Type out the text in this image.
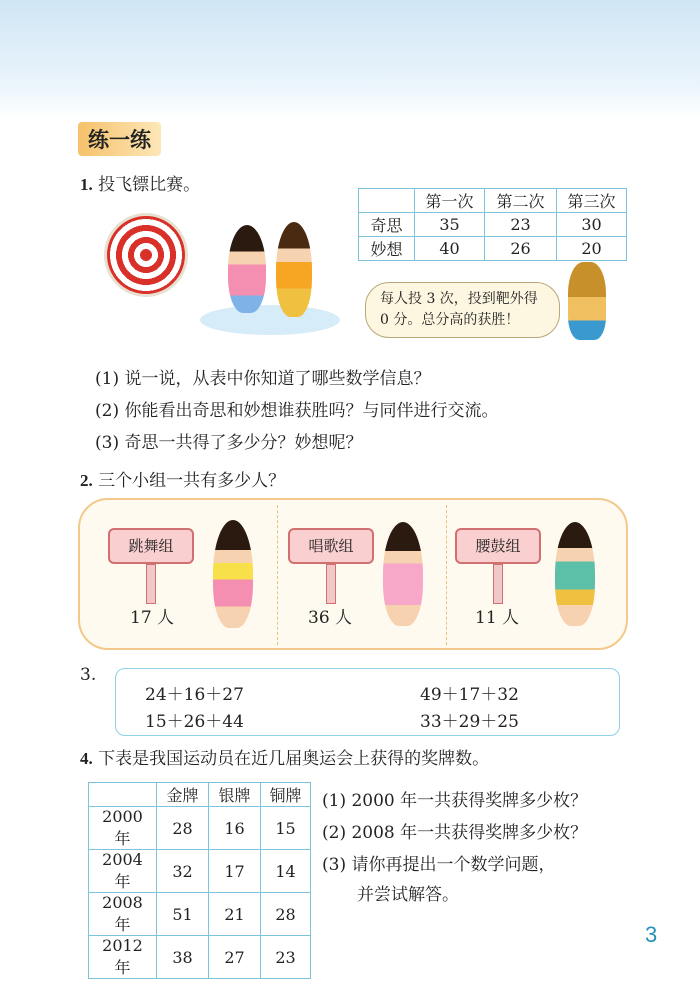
练一练
1. 投飞镖比赛。
	第一次	第二次	第三次
奇思	35	23	30
妙想	40	26	20
每人投 3 次，投到靶外得
0 分。总分高的获胜！
(1) 说一说，从表中你知道了哪些数学信息？
(2) 你能看出奇思和妙想谁获胜吗？与同伴进行交流。
(3) 奇思一共得了多少分？妙想呢？
2. 三个小组一共有多少人？
跳舞组
17 人
唱歌组
36 人
腰鼓组
11 人
3.
24＋16＋27	49＋17＋32
15＋26＋44	33＋29＋25
4. 下表是我国运动员在近几届奥运会上获得的奖牌数。
	金牌	银牌	铜牌
2000 年	28	16	15
2004 年	32	17	14
2008 年	51	21	28
2012 年	38	27	23
(1) 2000 年一共获得奖牌多少枚？
(2) 2008 年一共获得奖牌多少枚？
(3) 请你再提出一个数学问题，
并尝试解答。
3
